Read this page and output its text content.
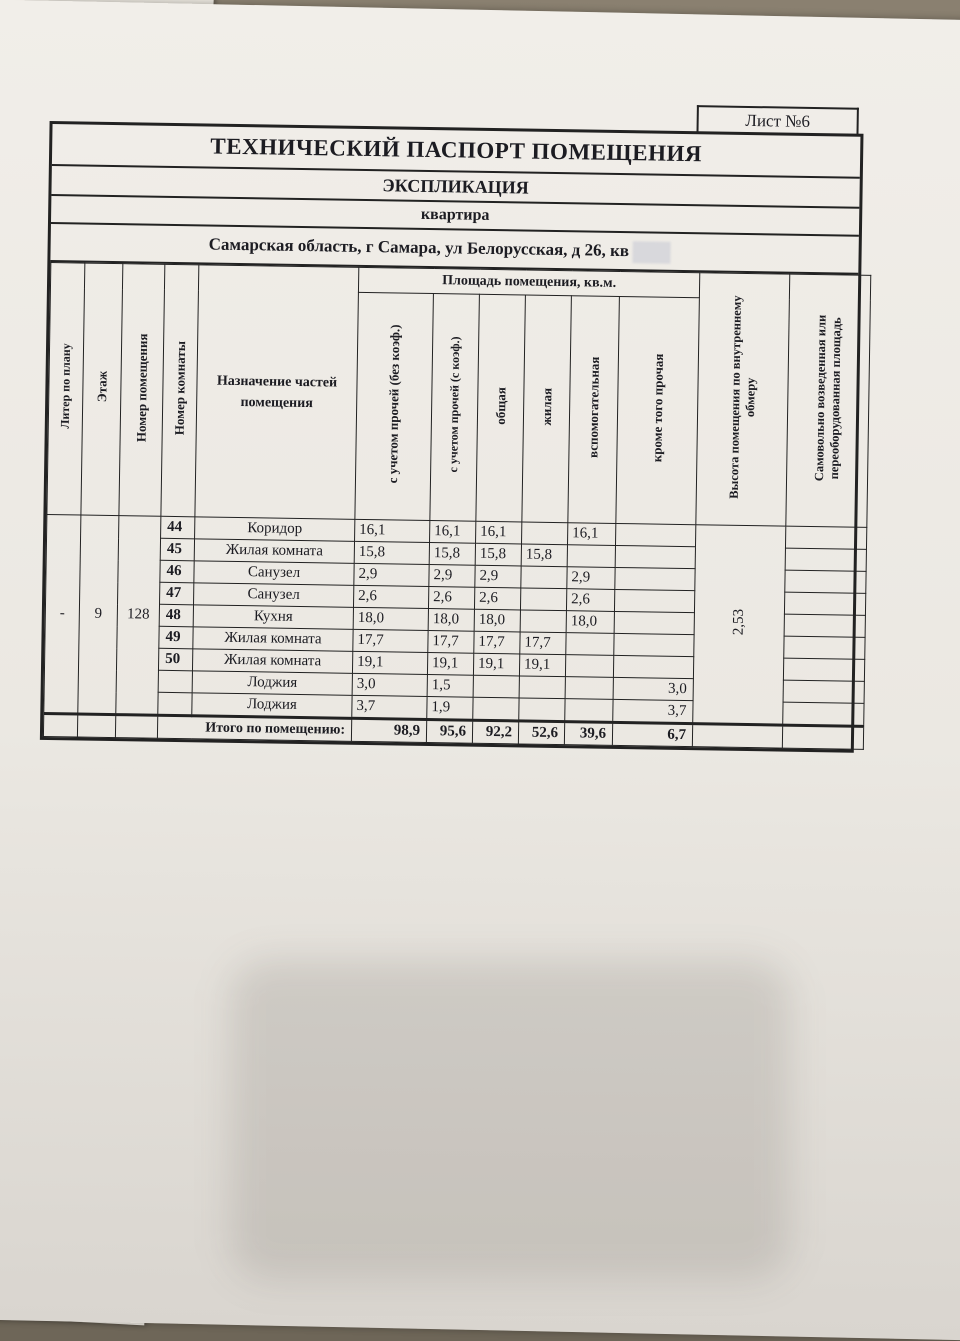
Лист №6
ТЕХНИЧЕСКИЙ ПАСПОРТ ПОМЕЩЕНИЯ
ЭКСПЛИКАЦИЯ
квартира
Самарская область, г Самара, ул Белорусская, д 26, кв
Литер по плану	Этаж	Номер помещения	Номер комнаты	Назначение частей помещения	Площадь помещения, кв.м.						Высота помещения по внутреннему обмеру	Самовольно возведенная или переоборудованная площадь
					с учетом прочей (без коэф.)	с учетом прочей (с коэф.)	общая	жилая	вспомогательная	кроме того прочая		
-	9	128	44	Коридор	16,1	16,1	16,1		16,1		2,53	
			45	Жилая комната	15,8	15,8	15,8	15,8				
			46	Санузел	2,9	2,9	2,9		2,9			
			47	Санузел	2,6	2,6	2,6		2,6			
			48	Кухня	18,0	18,0	18,0		18,0			
			49	Жилая комната	17,7	17,7	17,7	17,7				
			50	Жилая комната	19,1	19,1	19,1	19,1				
				Лоджия	3,0	1,5				3,0		
				Лоджия	3,7	1,9				3,7		
			Итого по помещению:		98,9	95,6	92,2	52,6	39,6	6,7		
